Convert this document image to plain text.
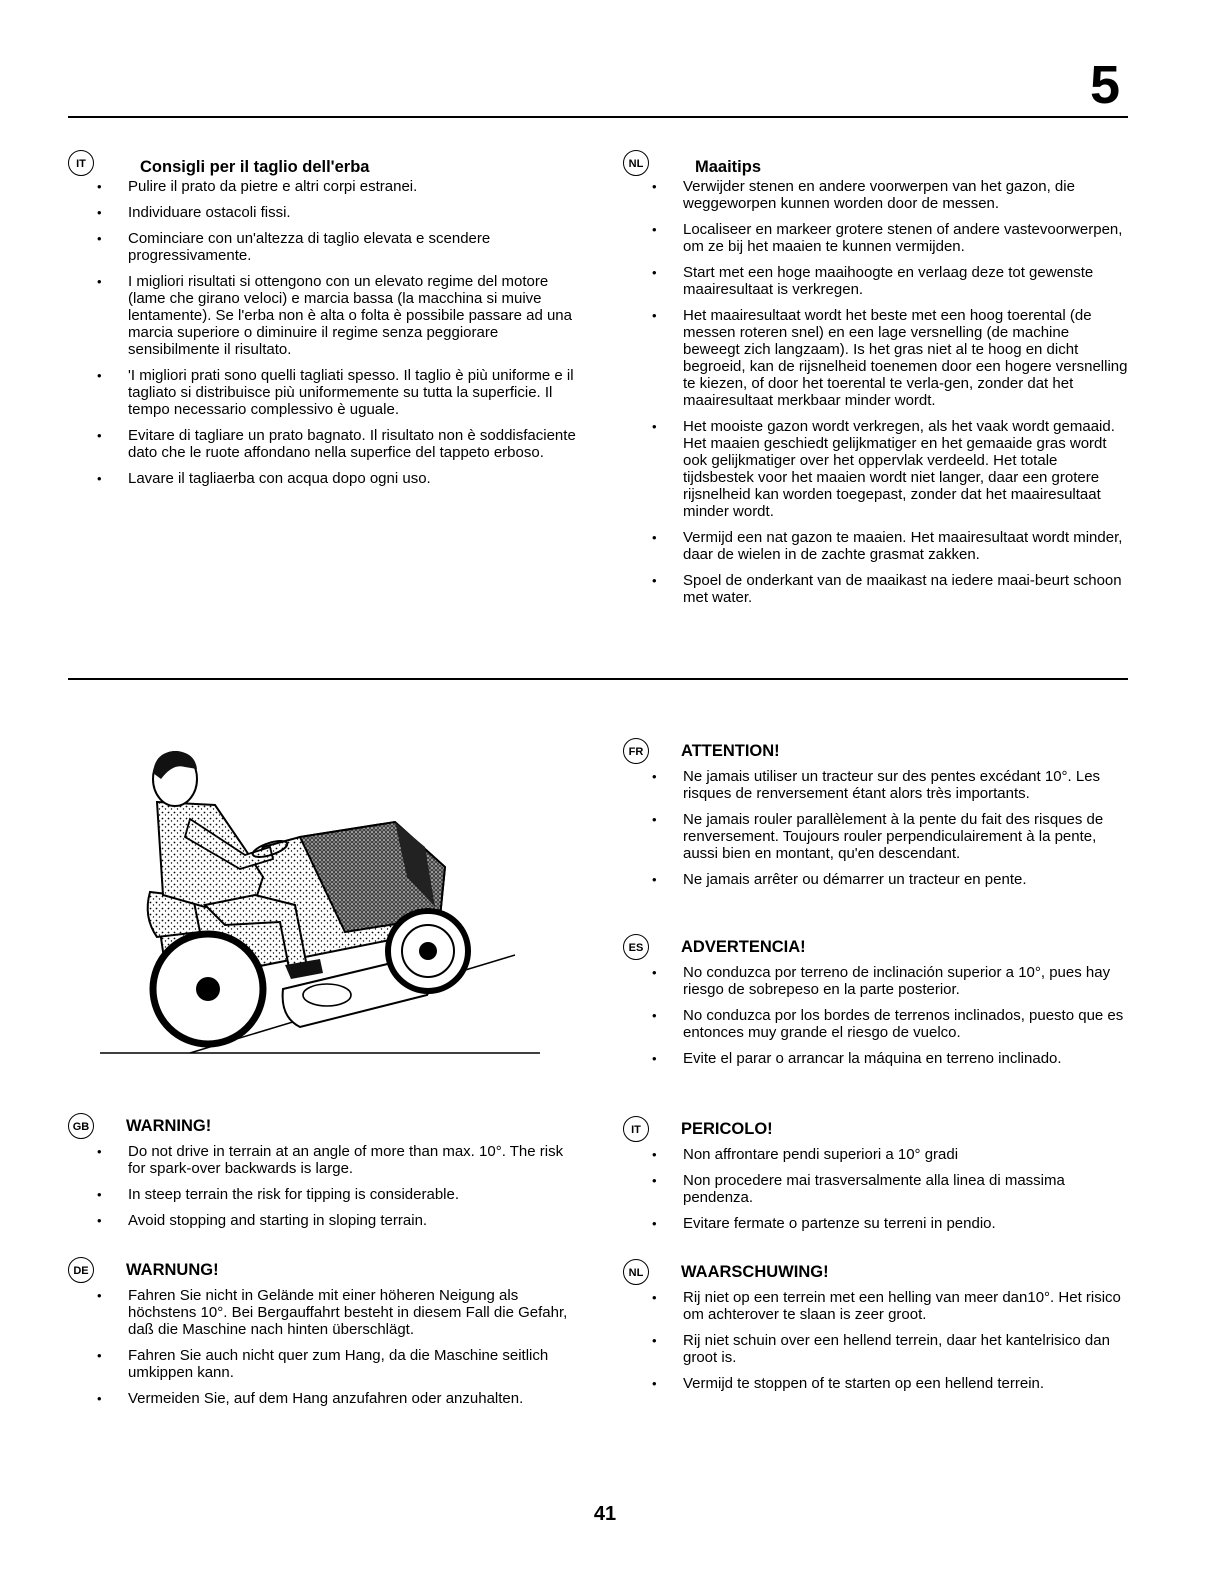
5
IT	Consigli per il taglio dell'erba
• Pulire il prato da pietre e altri corpi estranei.
• Individuare ostacoli fissi.
• Cominciare con un'altezza di taglio elevata e scendere progressivamente.
• I migliori risultati si ottengono con un elevato regime del motore (lame che girano veloci) e marcia bassa (la macchina si muive lentamente). Se l'erba non è alta o folta è possibile passare ad una marcia superiore o diminuire il regime senza peggiorare sensibilmente il risultato.
• 'I migliori prati sono quelli tagliati spesso. Il taglio è più uniforme e il tagliato si distribuisce più uniformemente su tutta la superficie. Il tempo necessario complessivo è uguale.
• Evitare di tagliare un prato bagnato. Il risultato non è soddisfaciente dato che le ruote affondano nella superfice del tappeto erboso.
• Lavare il tagliaerba con acqua dopo ogni uso.
NL	Maaitips
• Verwijder stenen en andere voorwerpen van het gazon, die weggeworpen kunnen worden door de messen.
• Localiseer en markeer grotere stenen of andere vastevoorwerpen, om ze bij het maaien te kunnen vermijden.
• Start met een hoge maaihoogte en verlaag deze tot gewenste maairesultaat is verkregen.
• Het maairesultaat wordt het beste met een hoog toerental (de messen roteren snel) en een lage versnelling (de machine beweegt zich langzaam). Is het gras niet al te hoog en dicht begroeid, kan de rijsnelheid toenemen door een hogere versnelling te kiezen, of door het toerental te verla-gen, zonder dat het maairesultaat merkbaar minder wordt.
• Het mooiste gazon wordt verkregen, als het vaak wordt gemaaid. Het maaien geschiedt gelijkmatiger en het gemaaide gras wordt ook gelijkmatiger over het oppervlak verdeeld. Het totale tijdsbestek voor het maaien wordt niet langer, daar een grotere rijsnelheid kan worden toegepast, zonder dat het maairesultaat minder wordt.
• Vermijd een nat gazon te maaien. Het maairesultaat wordt minder, daar de wielen in de zachte grasmat zakken.
• Spoel de onderkant van de maaikast na iedere maai-beurt schoon met water.
GB WARNING!
• Do not drive in terrain at an angle of more than max. 10°. The risk for spark-over backwards is large.
• In steep terrain the risk for tipping is considerable.
• Avoid stopping and starting in sloping terrain.
DE	WARNUNG!
• Fahren Sie nicht in Gelände mit einer höheren Neigung als höchstens 10°. Bei Bergauffahrt besteht in diesem Fall die Gefahr, daß die Maschine nach hinten überschlägt.
• Fahren Sie auch nicht quer zum Hang, da die Maschine seitlich umkippen kann.
• Vermeiden Sie, auf dem Hang anzufahren oder anzuhalten.
FR	ATTENTION!
• Ne jamais utiliser un tracteur sur des pentes excédant 10°. Les risques de renversement étant alors très importants.
• Ne jamais rouler parallèlement à la pente du fait des risques de renversement. Toujours rouler perpendiculairement à la pente, aussi bien en montant, qu'en descendant.
• Ne jamais arrêter ou démarrer un tracteur en pente.
ES	ADVERTENCIA!
• No conduzca por terreno de inclinación superior a 10°, pues hay riesgo de sobrepeso en la parte posterior.
• No conduzca por los bordes de terrenos inclinados, puesto que es entonces muy grande el riesgo de vuelco.
• Evite el parar o arrancar la máquina en terreno inclinado.
IT	PERICOLO!
• Non affrontare pendi superiori a 10° gradi
• Non procedere mai trasversalmente alla linea di massima pendenza.
• Evitare fermate o partenze su terreni in pendio.
NL	WAARSCHUWING!
• Rij niet op een terrein met een helling van meer dan10°. Het risico om achterover te slaan is zeer groot.
• Rij niet schuin over een hellend terrein, daar het kantelrisico dan groot is.
• Vermijd te stoppen of te starten op een hellend terrein.
41
